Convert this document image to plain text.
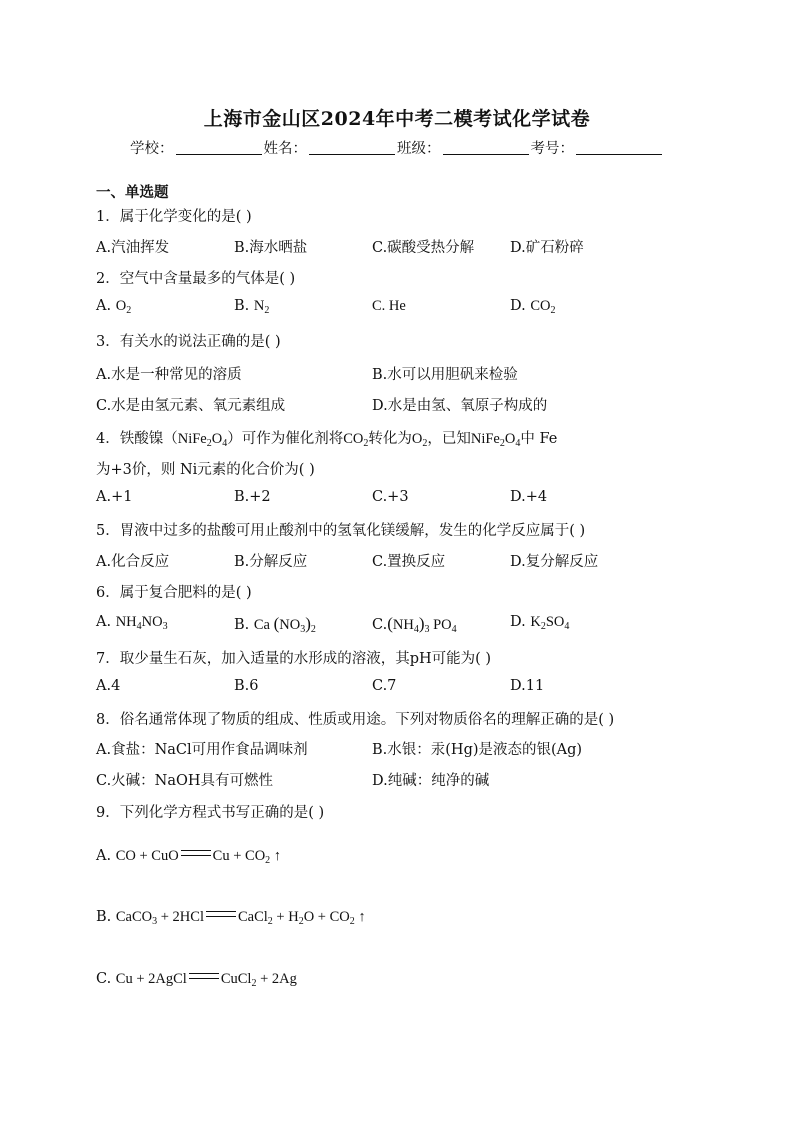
上海市金山区2024年中考二模考试化学试卷
学校：	姓名：	班级：	考号：
一、单选题
1．属于化学变化的是( )
A.汽油挥发	B.海水晒盐	C.碳酸受热分解 D.矿石粉碎
2．空气中含量最多的气体是( )
A. $O_2$	B. $N_2$	C. He	D. $CO_2$
3．有关水的说法正确的是( )
A.水是一种常见的溶质	B.水可以用胆矾来检验
C.水是由氢元素、氧元素组成	D.水是由氢、氧原子构成的
4．铁酸镍$(NiFe_2O_4)$可作为催化剂将$CO_2$转化为$O_2$，已知$NiFe_2O_4$中 Fe
为+3价，则 Ni元素的化合价为( )
A.+1	B.+2	C.+3	D.+4
5．胃液中过多的盐酸可用止酸剂中的氢氧化镁缓解，发生的化学反应属于( )
A.化合反应	B.分解反应	C.置换反应	D.复分解反应
6．属于复合肥料的是( )
A. $NH_4NO_3$	B. Ca $(NO_3)_2$	$C.(NH_4)_3$ $PO_4$	D. $K_2SO_4$
7．取少量生石灰，加入适量的水形成的溶液，其pH可能为( )
A.4	B.6	C.7	D.11
8．俗名通常体现了物质的组成、性质或用途。下列对物质俗名的理解正确的是( )
A.食盐：NaCl可用作食品调味剂	B.水银：汞(Hg)是液态的银(Ag)
C.火碱：NaOH具有可燃性	D.纯碱：纯净的碱
9．下列化学方程式书写正确的是( )
A. CO + CuO $Cu + CO_2$ ↑
B. CaCO$_3$ + 2HCl CaCl$_2$ + $H_2O + CO_2$ ↑
C. Cu + 2AgCl CuCl$_2$ + 2Ag
